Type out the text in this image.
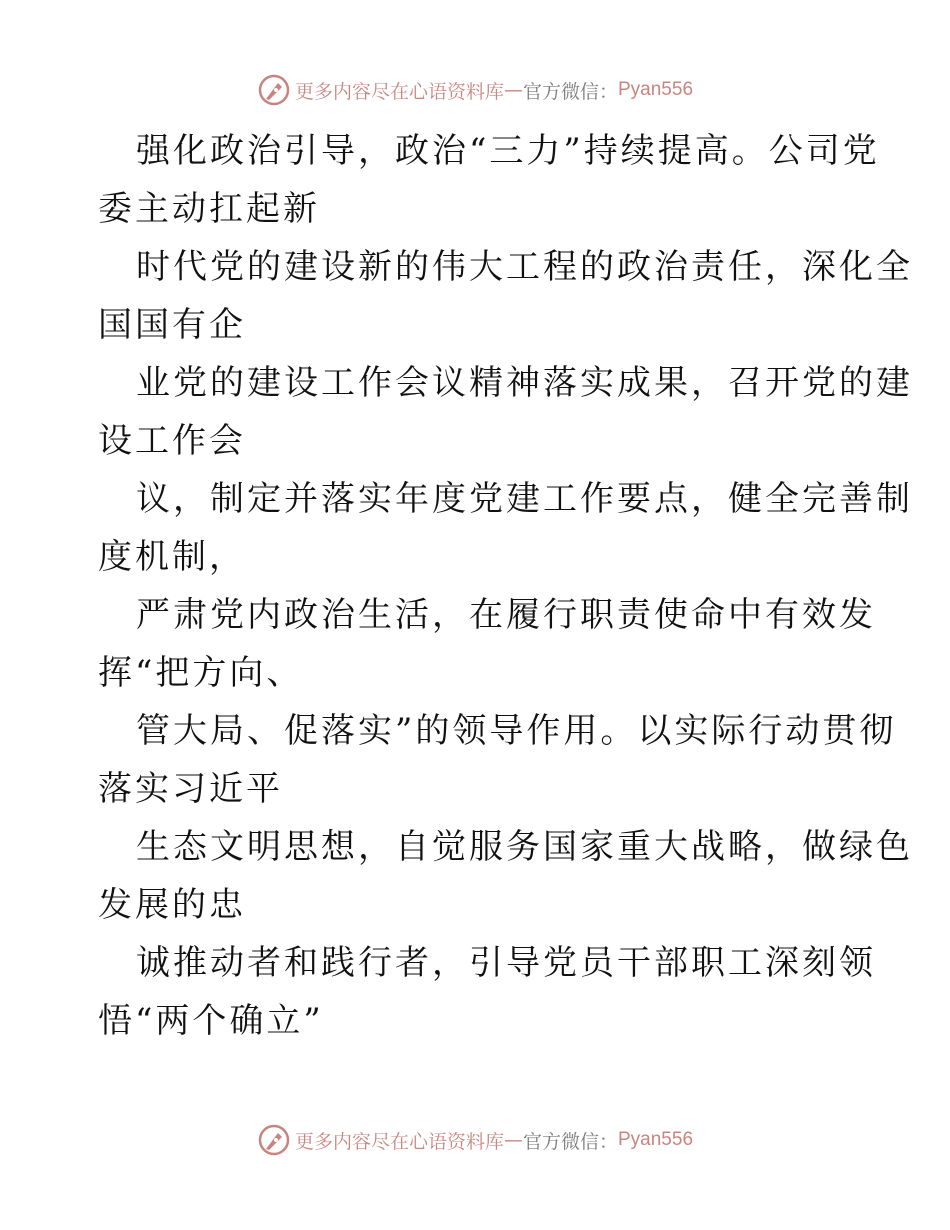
更多内容尽在心语资料库 — 官方微信： Pyan556

强化政治引导，政治“三力”持续提高。公司党

委主动扛起新

时代党的建设新的伟大工程的政治责任，深化全

国国有企

业党的建设工作会议精神落实成果，召开党的建

设工作会

议，制定并落实年度党建工作要点，健全完善制

度机制，

严肃党内政治生活，在履行职责使命中有效发

挥“把方向、

管大局、促落实”的领导作用。以实际行动贯彻

落实习近平

生态文明思想，自觉服务国家重大战略，做绿色

发展的忠

诚推动者和践行者，引导党员干部职工深刻领

悟“两个确立”

更多内容尽在心语资料库 — 官方微信： Pyan556
